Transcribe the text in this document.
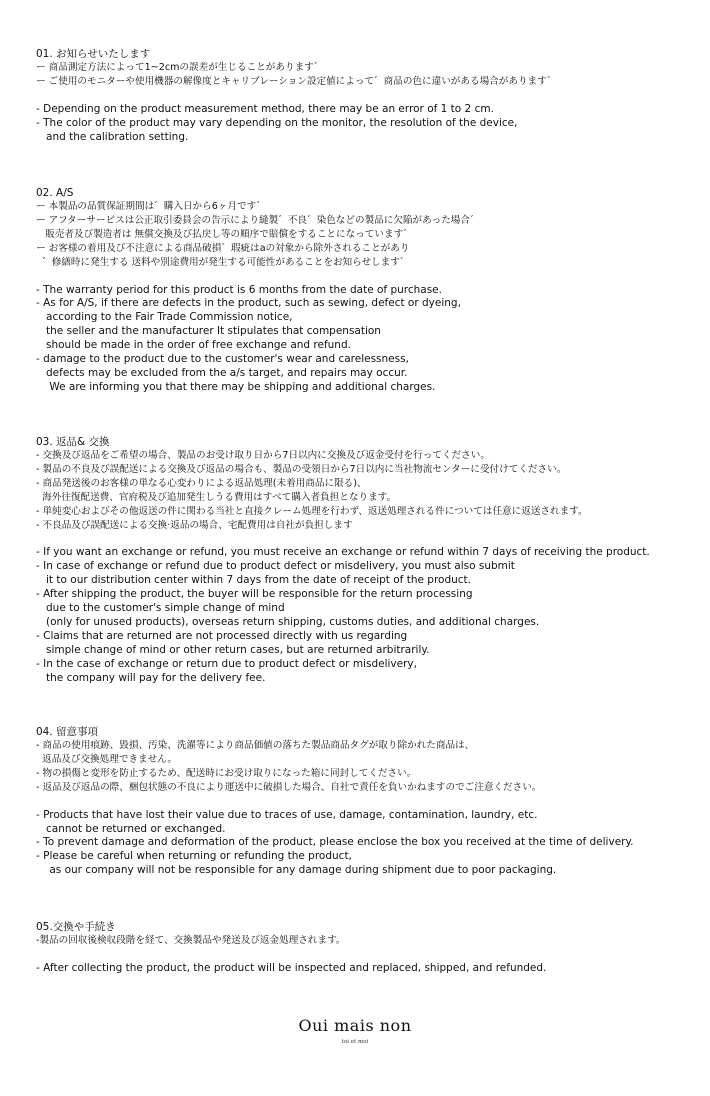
01. お知らせいたします

ー 商品測定方法によって1~2cmの誤差が生じることがあります゛

ー ご使用のモニターや使用機器の解像度とキャリブレーション設定値によって゛商品の色に違いがある場合があります゛

- Depending on the product measurement method, there may be an error of 1 to 2 cm.

- The color of the product may vary depending on the monitor, the resolution of the device,

and the calibration setting.

02. A/S

ー 本製品の品質保証期間は゛購入日から6ヶ月です゛

ー アフターサービスは公正取引委員会の告示により縫製゛不良゛染色などの製品に欠陥があった場合゛

販売者及び製造者は 無償交換及び払戻し等の順序で賠償をすることになっています゛

ー お客様の着用及び不注意による商品破損゛瑕疵はaの対象から除外されることがあり

゛修繕時に発生する 送料や別途費用が発生する可能性があることをお知らせします゛

- The warranty period for this product is 6 months from the date of purchase.

- As for A/S, if there are defects in the product, such as sewing, defect or dyeing,

according to the Fair Trade Commission notice,

the seller and the manufacturer It stipulates that compensation

should be made in the order of free exchange and refund.

- damage to the product due to the customer's wear and carelessness,

defects may be excluded from the a/s target, and repairs may occur.

We are informing you that there may be shipping and additional charges.

03. 返品& 交換

- 交換及び返品をご希望の場合、製品のお受け取り日から7日以内に交換及び返金受付を行ってください。

- 製品の不良及び誤配送による交換及び返品の場合も、製品の受領日から7日以内に当社物流センターに受付けてください。

- 商品発送後のお客様の単なる心変わりによる返品処理(未着用商品に限る)、

海外往復配送費、官府税及び追加発生しうる費用はすべて購入者負担となります。

- 単純変心およびその他返送の件に関わる当社と直接クレーム処理を行わず、返送処理される件については任意に返送されます。

- 不良品及び誤配送による交換·返品の場合、宅配費用は自社が負担します

- If you want an exchange or refund, you must receive an exchange or refund within 7 days of receiving the product.

- In case of exchange or refund due to product defect or misdelivery, you must also submit

it to our distribution center within 7 days from the date of receipt of the product.

- After shipping the product, the buyer will be responsible for the return processing

due to the customer's simple change of mind

(only for unused products), overseas return shipping, customs duties, and additional charges.

- Claims that are returned are not processed directly with us regarding

simple change of mind or other return cases, but are returned arbitrarily.

- In the case of exchange or return due to product defect or misdelivery,

the company will pay for the delivery fee.

04. 留意事項

- 商品の使用痕跡、毀損、汚染、洗濯等により商品価値の落ちた製品商品タグが取り除かれた商品は、

返品及び交換処理できません。

- 物の損傷と変形を防止するため、配送時にお受け取りになった箱に同封してください。

- 返品及び返品の際、梱包状態の不良により運送中に破損した場合、自社で責任を負いかねますのでご注意ください。

- Products that have lost their value due to traces of use, damage, contamination, laundry, etc.

cannot be returned or exchanged.

- To prevent damage and deformation of the product, please enclose the box you received at the time of delivery.

- Please be careful when returning or refunding the product,

as our company will not be responsible for any damage during shipment due to poor packaging.

05.交換や手続き

-製品の回収後検収段階を経て、交換製品や発送及び返金処理されます。

- After collecting the product, the product will be inspected and replaced, shipped, and refunded.

Oui mais non
toi et moi
